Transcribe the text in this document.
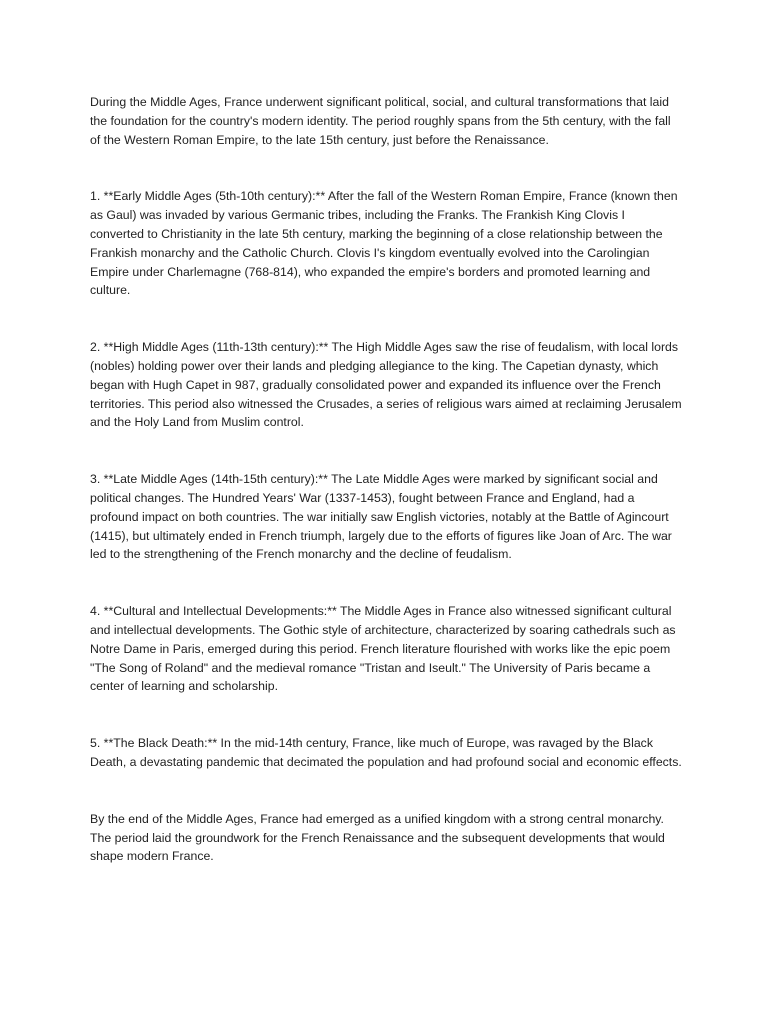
During the Middle Ages, France underwent significant political, social, and cultural transformations that laid the foundation for the country's modern identity. The period roughly spans from the 5th century, with the fall of the Western Roman Empire, to the late 15th century, just before the Renaissance.

1. **Early Middle Ages (5th-10th century):** After the fall of the Western Roman Empire, France (known then as Gaul) was invaded by various Germanic tribes, including the Franks. The Frankish King Clovis I converted to Christianity in the late 5th century, marking the beginning of a close relationship between the Frankish monarchy and the Catholic Church. Clovis I's kingdom eventually evolved into the Carolingian Empire under Charlemagne (768-814), who expanded the empire's borders and promoted learning and culture.

2. **High Middle Ages (11th-13th century):** The High Middle Ages saw the rise of feudalism, with local lords (nobles) holding power over their lands and pledging allegiance to the king. The Capetian dynasty, which began with Hugh Capet in 987, gradually consolidated power and expanded its influence over the French territories. This period also witnessed the Crusades, a series of religious wars aimed at reclaiming Jerusalem and the Holy Land from Muslim control.

3. **Late Middle Ages (14th-15th century):** The Late Middle Ages were marked by significant social and political changes. The Hundred Years' War (1337-1453), fought between France and England, had a profound impact on both countries. The war initially saw English victories, notably at the Battle of Agincourt (1415), but ultimately ended in French triumph, largely due to the efforts of figures like Joan of Arc. The war led to the strengthening of the French monarchy and the decline of feudalism.

4. **Cultural and Intellectual Developments:** The Middle Ages in France also witnessed significant cultural and intellectual developments. The Gothic style of architecture, characterized by soaring cathedrals such as Notre Dame in Paris, emerged during this period. French literature flourished with works like the epic poem "The Song of Roland" and the medieval romance "Tristan and Iseult." The University of Paris became a center of learning and scholarship.

5. **The Black Death:** In the mid-14th century, France, like much of Europe, was ravaged by the Black Death, a devastating pandemic that decimated the population and had profound social and economic effects.

By the end of the Middle Ages, France had emerged as a unified kingdom with a strong central monarchy. The period laid the groundwork for the French Renaissance and the subsequent developments that would shape modern France.
